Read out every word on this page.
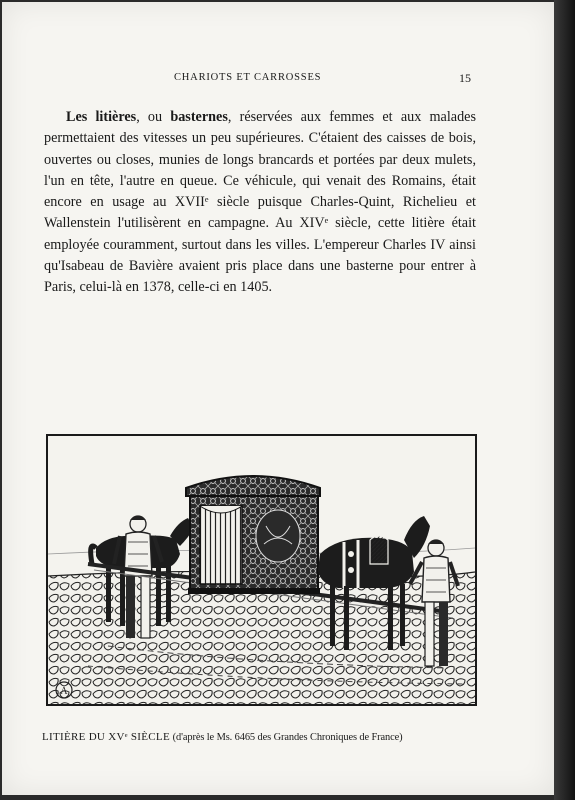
CHARIOTS ET CARROSSES	15

Les litières, ou basternes, réservées aux femmes et aux malades permettaient des vitesses un peu supérieures. C'étaient des caisses de bois, ouvertes ou closes, munies de longs brancards et portées par deux mulets, l'un en tête, l'autre en queue. Ce véhicule, qui venait des Romains, était encore en usage au XVIIᵉ siècle puisque Charles-Quint, Richelieu et Wallenstein l'utilisèrent en campagne. Au XIVᵉ siècle, cette litière était employée couramment, surtout dans les villes. L'empereur Charles IV ainsi qu'Isabeau de Bavière avaient pris place dans une basterne pour entrer à Paris, celui-là en 1378, celle-ci en 1405.

A
LITIÈRE DU XVᵉ SIÈCLE (d'après le Ms. 6465 des Grandes Chroniques de France)
